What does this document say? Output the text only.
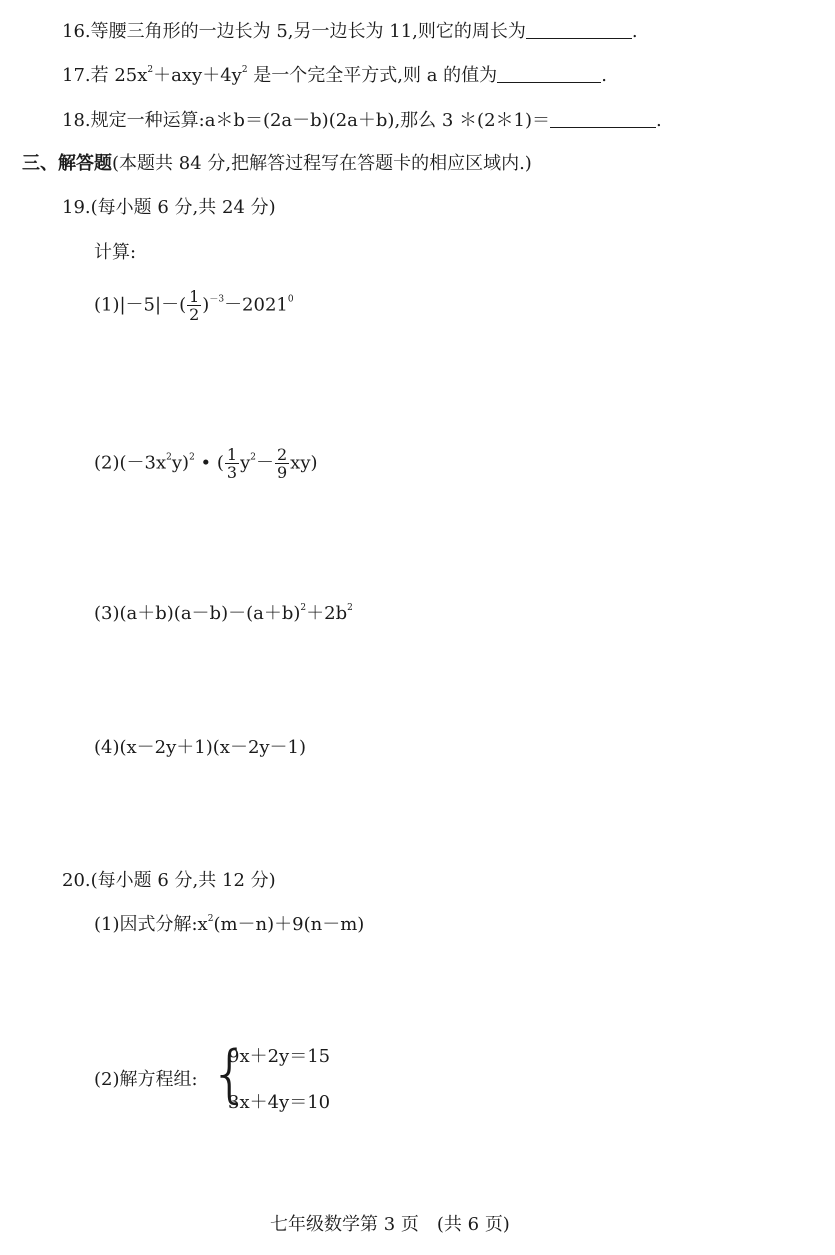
16.等腰三角形的一边长为 5,另一边长为 11,则它的周长为	.
17.若 $25x^2+axy+4y^2$ 是一个完全平方式,则 a 的值为	.
18.规定一种运算:a＊b＝(2a－b)(2a＋b),那么 3 ＊(2＊1)＝	.
三、解答题(本题共 84 分,把解答过程写在答题卡的相应区域内.)
19.(每小题 6 分,共 24 分)
计算:
$(1)|-5|-( \frac{1}{2} )^{-3}-2021^0$
$(2)(-3x^2y)^2$ • ( $\frac{1}{3} y^2- \frac{2}{9} xy$)
$(3)(a+b)(a-b)-(a+b)^2+2b^2$
(4)(x－2y＋1)(x－2y－1)
20.(每小题 6 分,共 12 分)
(1)因式分解$:x^2(m-n)+9(n-m)$
(2)解方程组: {
9x＋2y＝15
3x＋4y＝10
七年级数学第 3 页　(共 6 页)
